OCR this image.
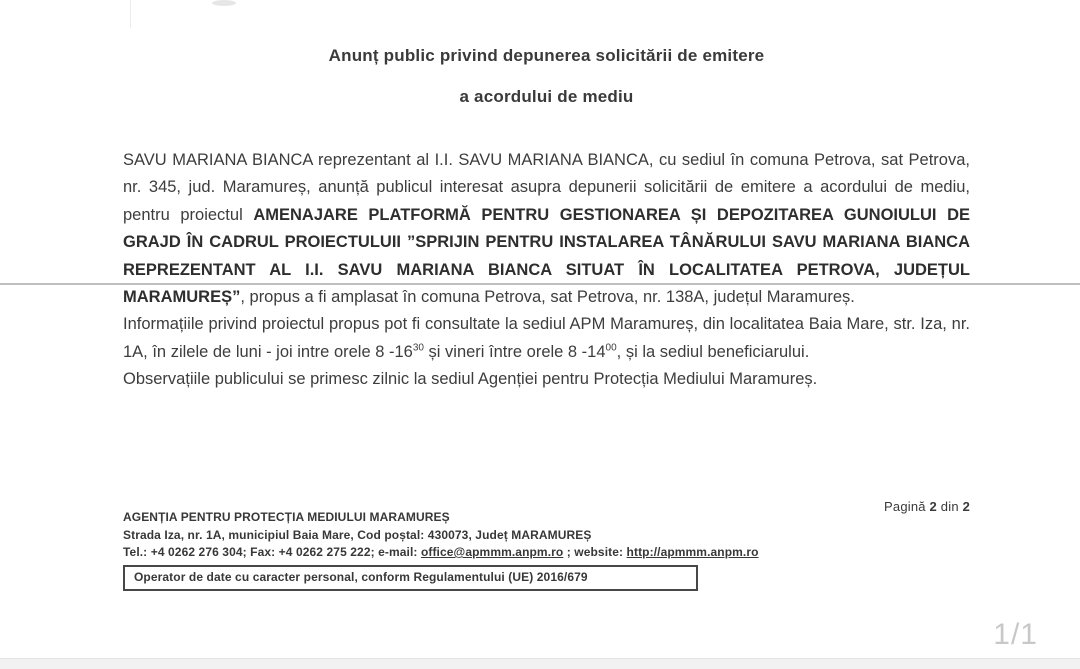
Anunț public privind depunerea solicitării de emitere
a acordului de mediu

SAVU MARIANA BIANCA reprezentant al I.I. SAVU MARIANA BIANCA, cu sediul în comuna Petrova, sat Petrova, nr. 345, jud. Maramureș, anunță publicul interesat asupra depunerii solicitării de emitere a acordului de mediu, pentru proiectul AMENAJARE PLATFORMĂ PENTRU GESTIONAREA ȘI DEPOZITAREA GUNOIULUI DE GRAJD ÎN CADRUL PROIECTULUII ”SPRIJIN PENTRU INSTALAREA TÂNĂRULUI SAVU MARIANA BIANCA REPREZENTANT AL I.I. SAVU MARIANA BIANCA SITUAT ÎN LOCALITATEA PETROVA, JUDEȚUL MARAMUREȘ”, propus a fi amplasat în comuna Petrova, sat Petrova, nr. 138A, județul Maramureș.

Informațiile privind proiectul propus pot fi consultate la sediul APM Maramureș, din localitatea Baia Mare, str. Iza, nr. 1A, în zilele de luni - joi intre orele 8 $-16^{30}$ și vineri între orele 8 $-14^{00}$, și la sediul beneficiarului.

Observațiile publicului se primesc zilnic la sediul Agenției pentru Protecția Mediului Maramureș.

Pagină 2 din 2
AGENȚIA PENTRU PROTECȚIA MEDIULUI MARAMUREȘ
Strada Iza, nr. 1A, municipiul Baia Mare, Cod poștal: 430073, Județ MARAMUREȘ
Tel.: +4 0262 276 304; Fax: +4 0262 275 222; e-mail: office@apmmm.anpm.ro ; website: http://apmmm.anpm.ro
Operator de date cu caracter personal, conform Regulamentului (UE) 2016/679
1/1
